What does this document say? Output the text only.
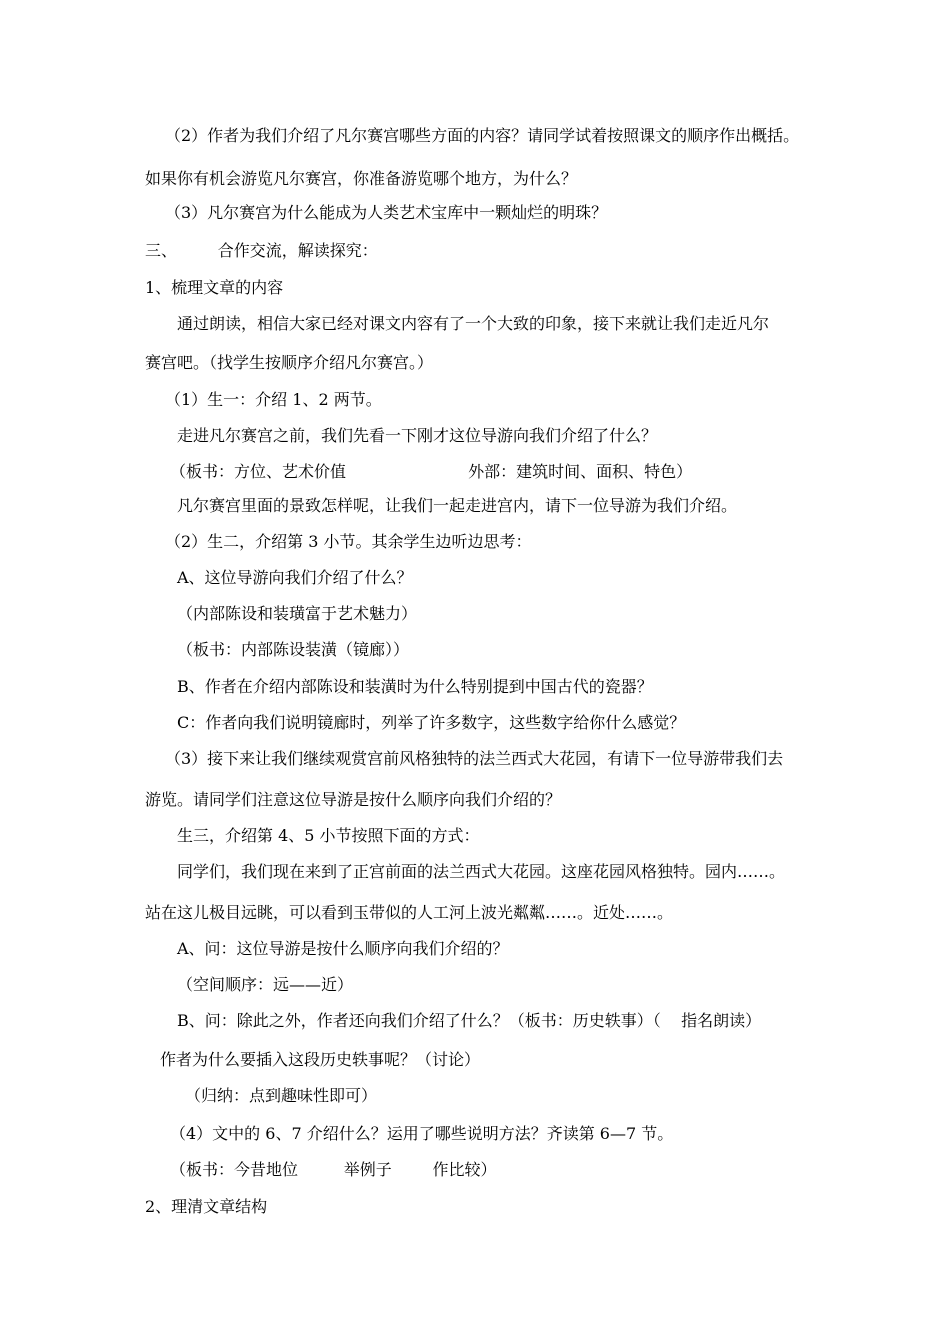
（2）作者为我们介绍了凡尔赛宫哪些方面的内容？请同学试着按照课文的顺序作出概括。
如果你有机会游览凡尔赛宫，你准备游览哪个地方，为什么？
（3）凡尔赛宫为什么能成为人类艺术宝库中一颗灿烂的明珠？
三、        合作交流，解读探究：
1、梳理文章的内容
通过朗读，相信大家已经对课文内容有了一个大致的印象，接下来就让我们走近凡尔
赛宫吧。（找学生按顺序介绍凡尔赛宫。）
（1）生一：介绍 1、2 两节。
走进凡尔赛宫之前，我们先看一下刚才这位导游向我们介绍了什么？
（板书：方位、艺术价值                        外部：建筑时间、面积、特色）
凡尔赛宫里面的景致怎样呢，让我们一起走进宫内，请下一位导游为我们介绍。
（2）生二，介绍第 3 小节。其余学生边听边思考：
A、这位导游向我们介绍了什么？
（内部陈设和装璜富于艺术魅力）
（板书：内部陈设装潢（镜廊））
B、作者在介绍内部陈设和装潢时为什么特别提到中国古代的瓷器？
C：作者向我们说明镜廊时，列举了许多数字，这些数字给你什么感觉？
（3）接下来让我们继续观赏宫前风格独特的法兰西式大花园，有请下一位导游带我们去
游览。请同学们注意这位导游是按什么顺序向我们介绍的？
生三，介绍第 4、5 小节按照下面的方式：
同学们，我们现在来到了正宫前面的法兰西式大花园。这座花园风格独特。园内……。
站在这儿极目远眺，可以看到玉带似的人工河上波光粼粼……。近处……。
A、问：这位导游是按什么顺序向我们介绍的？
（空间顺序：远——近）
B、问：除此之外，作者还向我们介绍了什么？（板书：历史轶事）（    指名朗读）
作者为什么要插入这段历史轶事呢？（讨论）
（归纳：点到趣味性即可）
（4）文中的 6、7 介绍什么？运用了哪些说明方法？齐读第 6—7 节。
（板书：今昔地位         举例子        作比较）
2、理清文章结构
